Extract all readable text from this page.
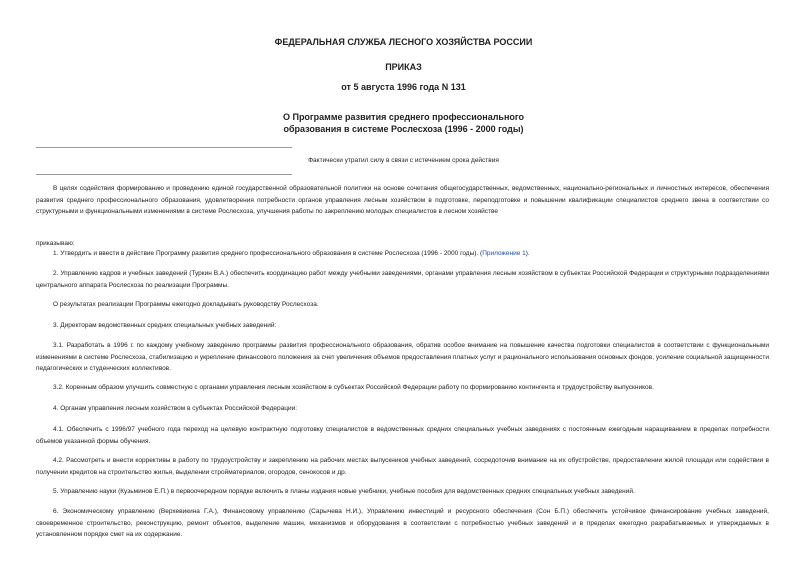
ФЕДЕРАЛЬНАЯ СЛУЖБА ЛЕСНОГО ХОЗЯЙСТВА РОССИИ
ПРИКАЗ
от 5 августа 1996 года N 131
О Программе развития среднего профессионального
образования в системе Рослесхоза (1996 - 2000 годы)
Фактически утратил силу в связи с истечением срока действия
В целях содействия формированию и проведению единой государственной образовательной политики на основе сочетания общегосударственных, ведомственных, национально-региональных и личностных интересов, обеспечения развития среднего профессионального образования, удовлетворения потребности органов управления лесным хозяйством в подготовке, переподготовке и повышении квалификации специалистов среднего звена в соответствии со структурными и функциональными изменениями в системе Рослесхоза, улучшения работы по закреплению молодых специалистов в лесном хозяйстве
приказываю:
1. Утвердить и ввести в действие Программу развития среднего профессионального образования в системе Рослесхоза (1996 - 2000 годы). (Приложение 1).
2. Управлению кадров и учебных заведений (Туркин В.А.) обеспечить координацию работ между учебными заведениями, органами управления лесным хозяйством в субъектах Российской Федерации и структурными подразделениями центрального аппарата Рослесхоза по реализации Программы.
О результатах реализации Программы ежегодно докладывать руководству Рослесхоза.
3. Директорам ведомственных средних специальных учебных заведений:
3.1. Разработать в 1996 г. по каждому учебному заведению программы развития профессионального образования, обратив особое внимание на повышение качества подготовки специалистов в соответствии с функциональными изменениями в системе Рослесхоза, стабилизацию и укрепление финансового положения за счет увеличения объемов предоставления платных услуг и рационального использования основных фондов, усиление социальной защищенности педагогических и студенческих коллективов.
3.2. Коренным образом улучшить совместную с органами управления лесным хозяйством в субъектах Российской Федерации работу по формированию контингента и трудоустройству выпускников.
4. Органам управления лесным хозяйством в субъектах Российской Федерации:
4.1. Обеспечить с 1996/97 учебного года переход на целевую контрактную подготовку специалистов в ведомственных средних специальных учебных заведениях с постоянным ежегодным наращиванием в пределах потребности объемов указанной формы обучения.
4.2. Рассмотреть и внести коррективы в работу по трудоустройству и закреплению на рабочих местах выпускников учебных заведений, сосредоточив внимание на их обустройстве, предоставлении жилой площади или содействии в получении кредитов на строительство жилья, выделении стройматериалов, огородов, сенокосов и др.
5. Управлению науки (Кузьминов Е.П.) в первоочередном порядке включить в планы издания новые учебники, учебные пособия для ведомственных средних специальных учебных заведений.
6. Экономическому управлению (Верхевикина Г.А.), Финансовому управлению (Сарычева Н.И.), Управлению инвестиций и ресурсного обеспечения (Сон Б.П.) обеспечить устойчивое финансирование учебных заведений, своевременное строительство, реконструкцию, ремонт объектов, выделение машин, механизмов и оборудования в соответствии с потребностью учебных заведений и в пределах ежегодно разрабатываемых и утверждаемых в установленном порядке смет на их содержание.
